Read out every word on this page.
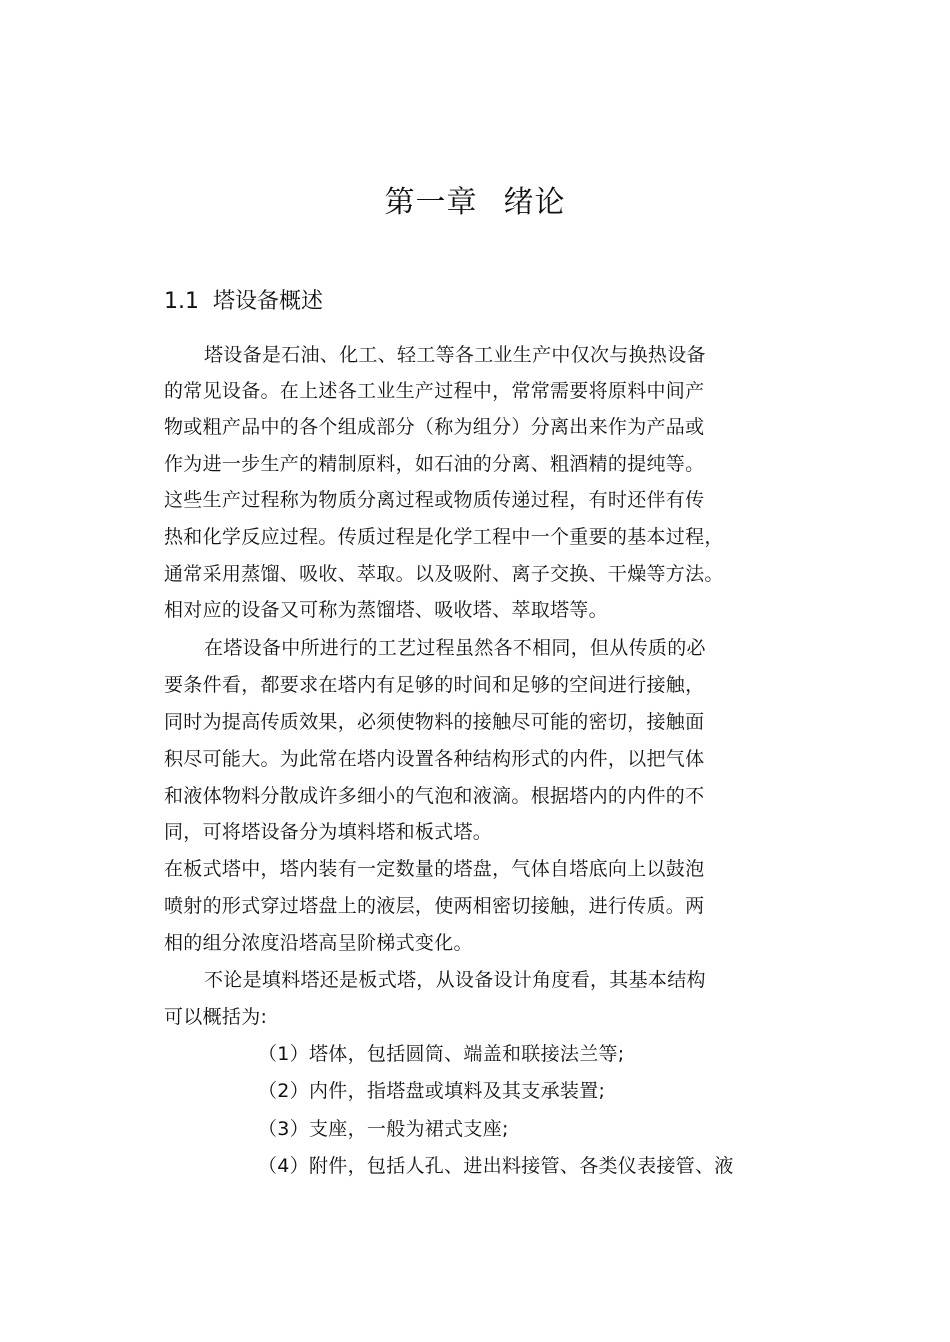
第一章 绪论
1.1 塔设备概述
塔设备是石油、化工、轻工等各工业生产中仅次与换热设备
的常见设备。在上述各工业生产过程中，常常需要将原料中间产
物或粗产品中的各个组成部分（称为组分）分离出来作为产品或
作为进一步生产的精制原料，如石油的分离、粗酒精的提纯等。
这些生产过程称为物质分离过程或物质传递过程，有时还伴有传
热和化学反应过程。传质过程是化学工程中一个重要的基本过程，
通常采用蒸馏、吸收、萃取。以及吸附、离子交换、干燥等方法。
相对应的设备又可称为蒸馏塔、吸收塔、萃取塔等。
在塔设备中所进行的工艺过程虽然各不相同，但从传质的必
要条件看，都要求在塔内有足够的时间和足够的空间进行接触，
同时为提高传质效果，必须使物料的接触尽可能的密切，接触面
积尽可能大。为此常在塔内设置各种结构形式的内件，以把气体
和液体物料分散成许多细小的气泡和液滴。根据塔内的内件的不
同，可将塔设备分为填料塔和板式塔。
在板式塔中，塔内装有一定数量的塔盘，气体自塔底向上以鼓泡
喷射的形式穿过塔盘上的液层，使两相密切接触，进行传质。两
相的组分浓度沿塔高呈阶梯式变化。
不论是填料塔还是板式塔，从设备设计角度看，其基本结构
可以概括为:
（1）塔体，包括圆筒、端盖和联接法兰等;
（2）内件，指塔盘或填料及其支承装置;
（3）支座，一般为裙式支座;
（4）附件，包括人孔、进出料接管、各类仪表接管、液
